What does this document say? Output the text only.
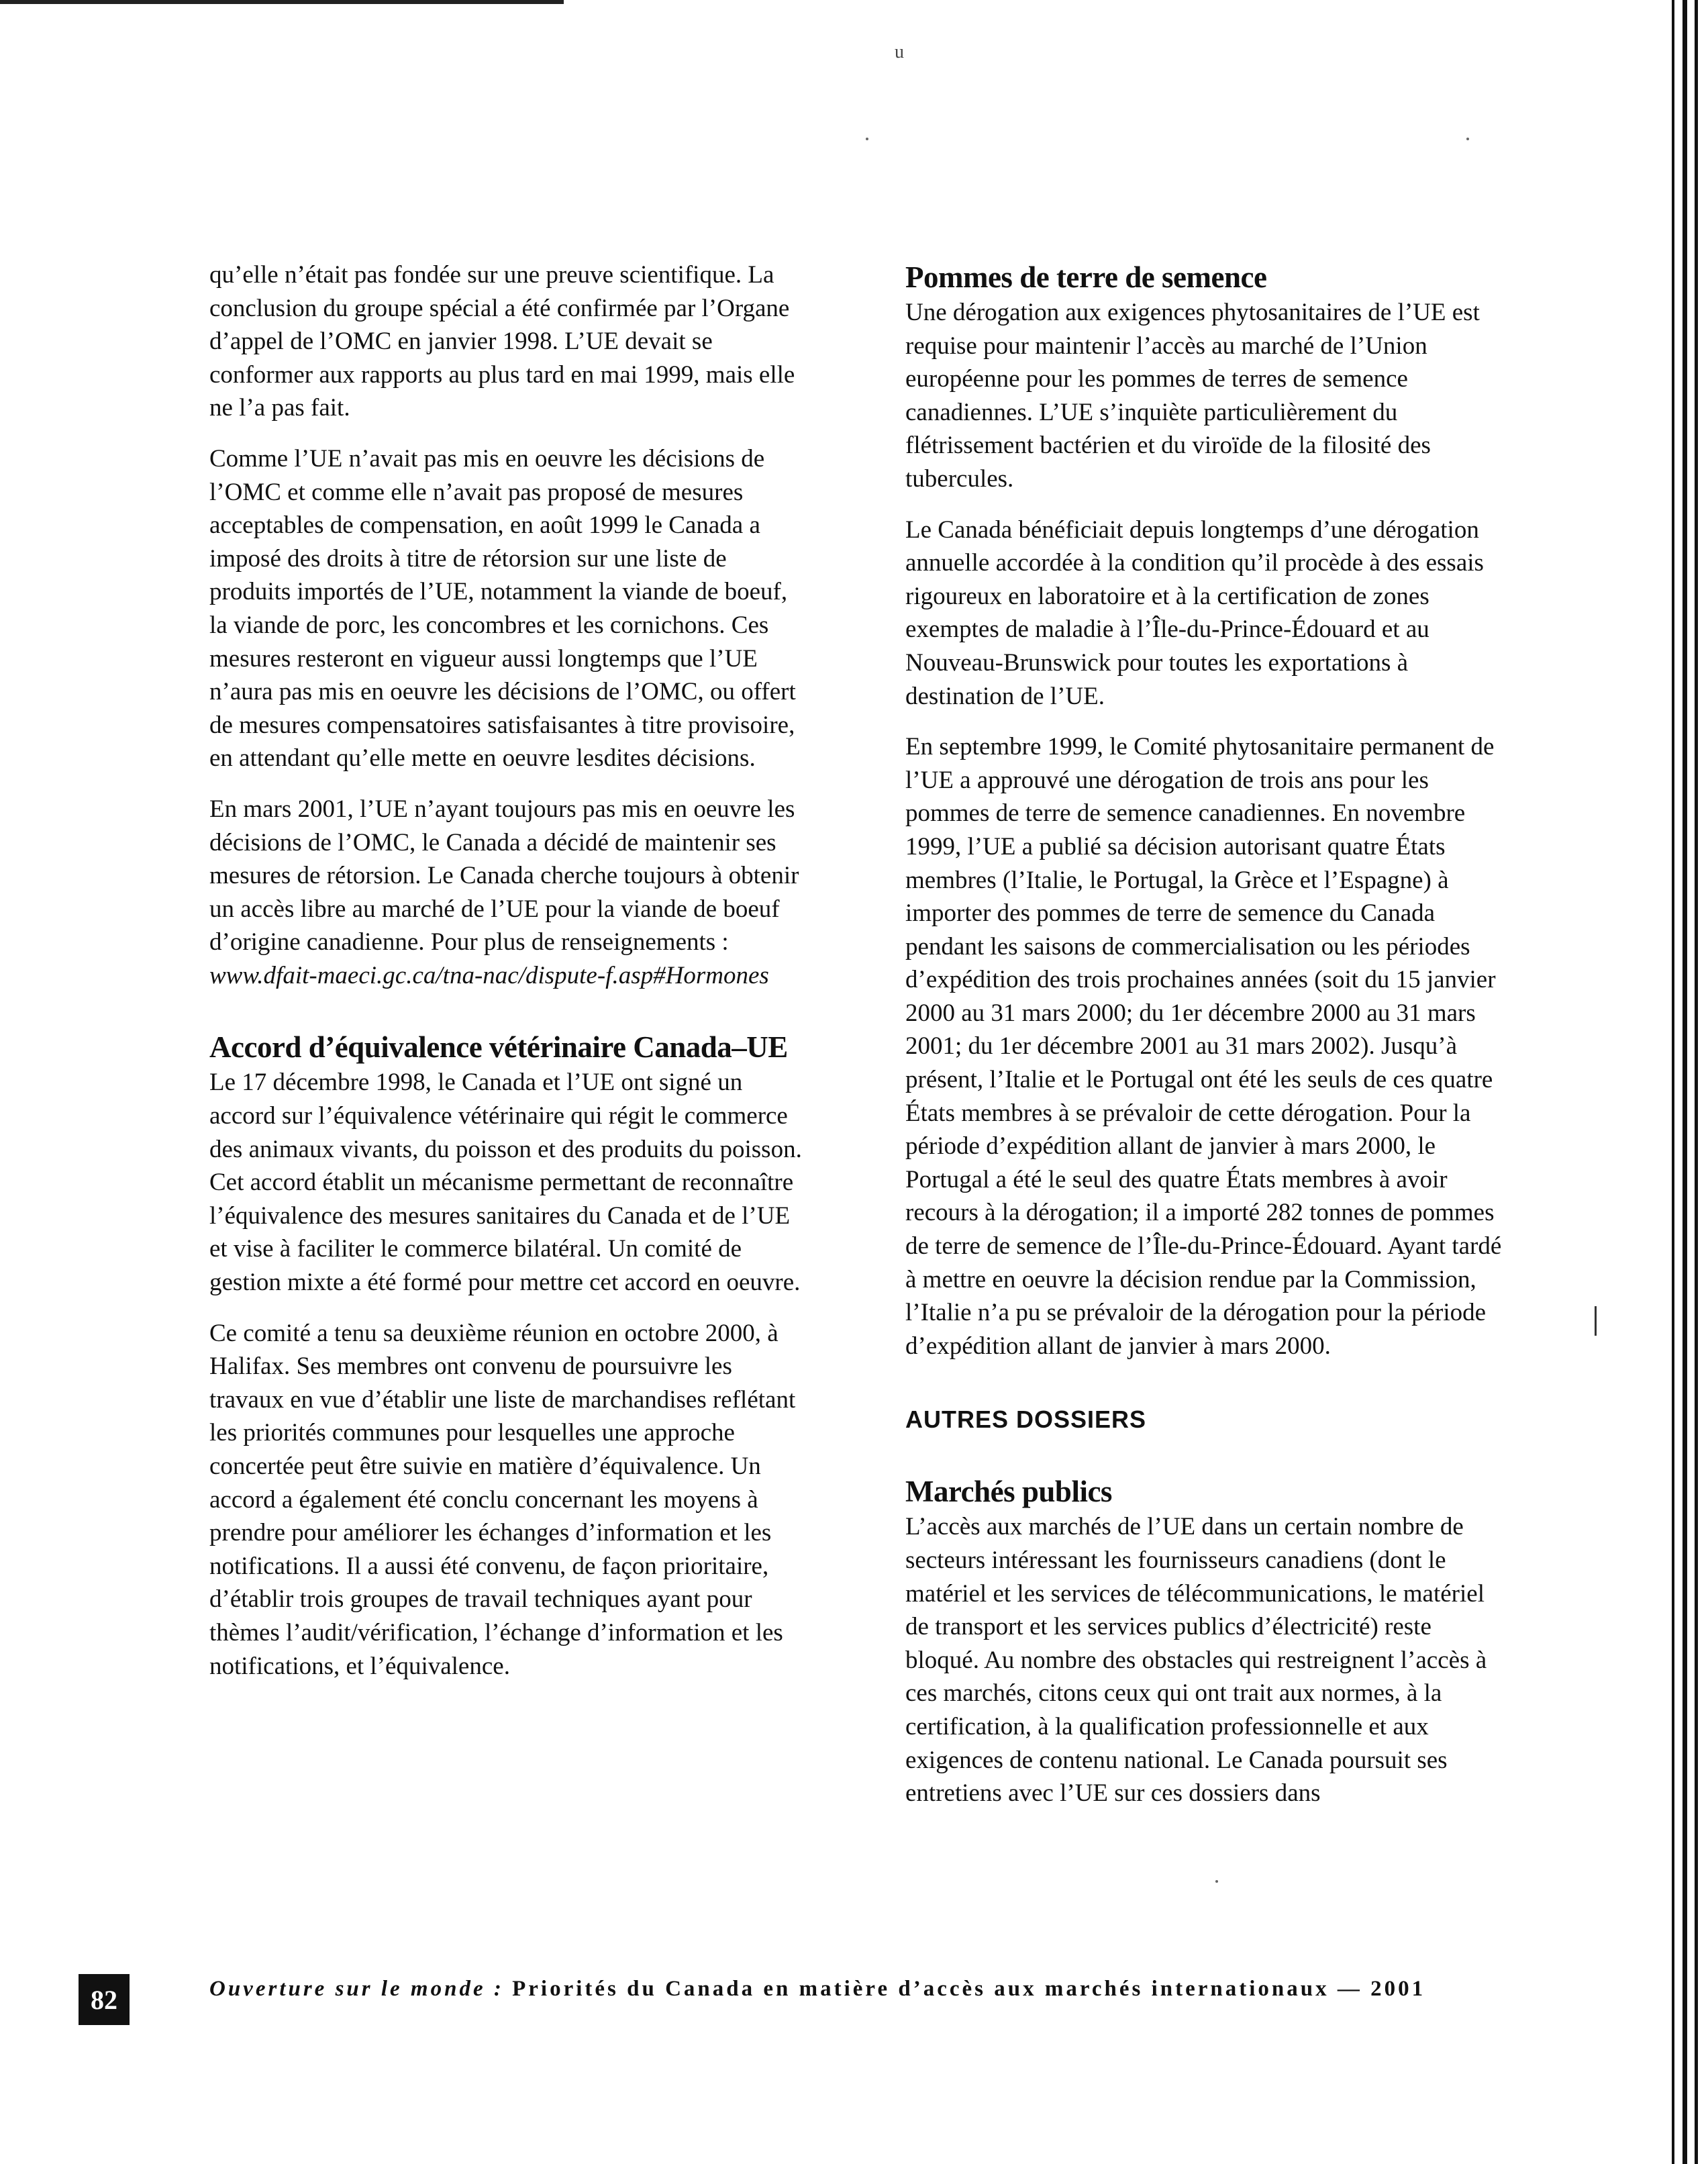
u

qu’elle n’était pas fondée sur une preuve scientifique. La conclusion du groupe spécial a été confirmée par l’Organe d’appel de l’OMC en janvier 1998. L’UE devait se conformer aux rapports au plus tard en mai 1999, mais elle ne l’a pas fait.

Comme l’UE n’avait pas mis en oeuvre les décisions de l’OMC et comme elle n’avait pas proposé de mesures acceptables de compensation, en août 1999 le Canada a imposé des droits à titre de rétorsion sur une liste de produits importés de l’UE, notamment la viande de boeuf, la viande de porc, les concombres et les cornichons. Ces mesures resteront en vigueur aussi longtemps que l’UE n’aura pas mis en oeuvre les décisions de l’OMC, ou offert de mesures compensatoires satisfaisantes à titre provisoire, en attendant qu’elle mette en oeuvre lesdites décisions.

En mars 2001, l’UE n’ayant toujours pas mis en oeuvre les décisions de l’OMC, le Canada a décidé de maintenir ses mesures de rétorsion. Le Canada cherche toujours à obtenir un accès libre au marché de l’UE pour la viande de boeuf d’origine canadienne. Pour plus de renseignements : www.dfait-maeci.gc.ca/tna-nac/dispute-f.asp#Hormones

Accord d’équivalence vétérinaire Canada–UE

Le 17 décembre 1998, le Canada et l’UE ont signé un accord sur l’équivalence vétérinaire qui régit le commerce des animaux vivants, du poisson et des produits du poisson. Cet accord établit un mécanisme permettant de reconnaître l’équivalence des mesures sanitaires du Canada et de l’UE et vise à faciliter le commerce bilatéral. Un comité de gestion mixte a été formé pour mettre cet accord en oeuvre.

Ce comité a tenu sa deuxième réunion en octobre 2000, à Halifax. Ses membres ont convenu de poursuivre les travaux en vue d’établir une liste de marchandises reflétant les priorités communes pour lesquelles une approche concertée peut être suivie en matière d’équivalence. Un accord a également été conclu concernant les moyens à prendre pour améliorer les échanges d’information et les notifications. Il a aussi été convenu, de façon prioritaire, d’établir trois groupes de travail techniques ayant pour thèmes l’audit/vérification, l’échange d’information et les notifications, et l’équivalence.

Pommes de terre de semence

Une dérogation aux exigences phytosanitaires de l’UE est requise pour maintenir l’accès au marché de l’Union européenne pour les pommes de terres de semence canadiennes. L’UE s’inquiète particulièrement du flétrissement bactérien et du viroïde de la filosité des tubercules.

Le Canada bénéficiait depuis longtemps d’une dérogation annuelle accordée à la condition qu’il procède à des essais rigoureux en laboratoire et à la certification de zones exemptes de maladie à l’Île-du-Prince-Édouard et au Nouveau-Brunswick pour toutes les exportations à destination de l’UE.

En septembre 1999, le Comité phytosanitaire permanent de l’UE a approuvé une dérogation de trois ans pour les pommes de terre de semence canadiennes. En novembre 1999, l’UE a publié sa décision autorisant quatre États membres (l’Italie, le Portugal, la Grèce et l’Espagne) à importer des pommes de terre de semence du Canada pendant les saisons de commercialisation ou les périodes d’expédition des trois prochaines années (soit du 15 janvier 2000 au 31 mars 2000; du 1er décembre 2000 au 31 mars 2001; du 1er décembre 2001 au 31 mars 2002). Jusqu’à présent, l’Italie et le Portugal ont été les seuls de ces quatre États membres à se prévaloir de cette dérogation. Pour la période d’expédition allant de janvier à mars 2000, le Portugal a été le seul des quatre États membres à avoir recours à la dérogation; il a importé 282 tonnes de pommes de terre de semence de l’Île-du-Prince-Édouard. Ayant tardé à mettre en oeuvre la décision rendue par la Commission, l’Italie n’a pu se prévaloir de la dérogation pour la période d’expédition allant de janvier à mars 2000.

AUTRES DOSSIERS
Marchés publics

L’accès aux marchés de l’UE dans un certain nombre de secteurs intéressant les fournisseurs canadiens (dont le matériel et les services de télécommunications, le matériel de transport et les services publics d’électricité) reste bloqué. Au nombre des obstacles qui restreignent l’accès à ces marchés, citons ceux qui ont trait aux normes, à la certification, à la qualification professionnelle et aux exigences de contenu national. Le Canada poursuit ses entretiens avec l’UE sur ces dossiers dans

82	Ouverture sur le monde : Priorités du Canada en matière d’accès aux marchés internationaux — 2001
